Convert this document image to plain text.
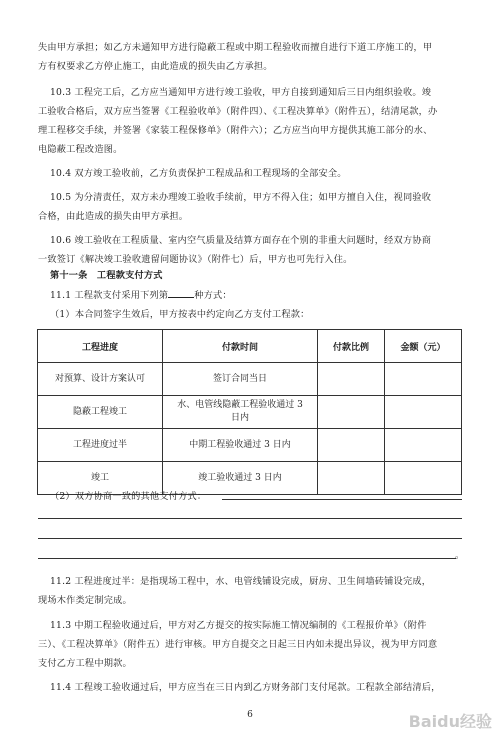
失由甲方承担；如乙方未通知甲方进行隐蔽工程或中期工程验收而擅自进行下道工序施工的，甲

方有权要求乙方停止施工，由此造成的损失由乙方承担。

10.3 工程完工后，乙方应当通知甲方进行竣工验收，甲方自接到通知后三日内组织验收。竣

工验收合格后，双方应当签署《工程验收单》（附件四）、《工程决算单》（附件五），结清尾款，办

理工程移交手续，并签署《家装工程保修单》（附件六）；乙方应当向甲方提供其施工部分的水、

电隐蔽工程改造图。

10.4 双方竣工验收前，乙方负责保护工程成品和工程现场的全部安全。

10.5 为分清责任，双方未办理竣工验收手续前，甲方不得入住；如甲方擅自入住，视同验收

合格，由此造成的损失由甲方承担。

10.6 竣工验收在工程质量、室内空气质量及结算方面存在个别的非重大问题时，经双方协商

一致签订《解决竣工验收遗留问题协议》（附件七）后，甲方也可先行入住。

第十一条　工程款支付方式

11.1 工程款支付采用下列第	种方式：

（1）本合同签字生效后，甲方按表中约定向乙方支付工程款：

工程进度	付款时间	付款比例	金额（元）
对预算、设计方案认可	签订合同当日		
隐蔽工程竣工	水、电管线隐蔽工程验收通过 3 日内		
工程进度过半	中期工程验收通过 3 日内		
竣工	竣工验收通过 3 日内		

（2）双方协商一致的其他支付方式：

。

11.2 工程进度过半：是指现场工程中，水、电管线铺设完成，厨房、卫生间墙砖铺设完成，

现场木作类定制完成。

11.3 中期工程验收通过后，甲方对乙方提交的按实际施工情况编制的《工程报价单》（附件

三）、《工程决算单》（附件五）进行审核。甲方自提交之日起三日内如未提出异议，视为甲方同意

支付乙方工程中期款。

11.4 工程竣工验收通过后，甲方应当在三日内到乙方财务部门支付尾款。工程款全部结清后，

6	Baidu经验
